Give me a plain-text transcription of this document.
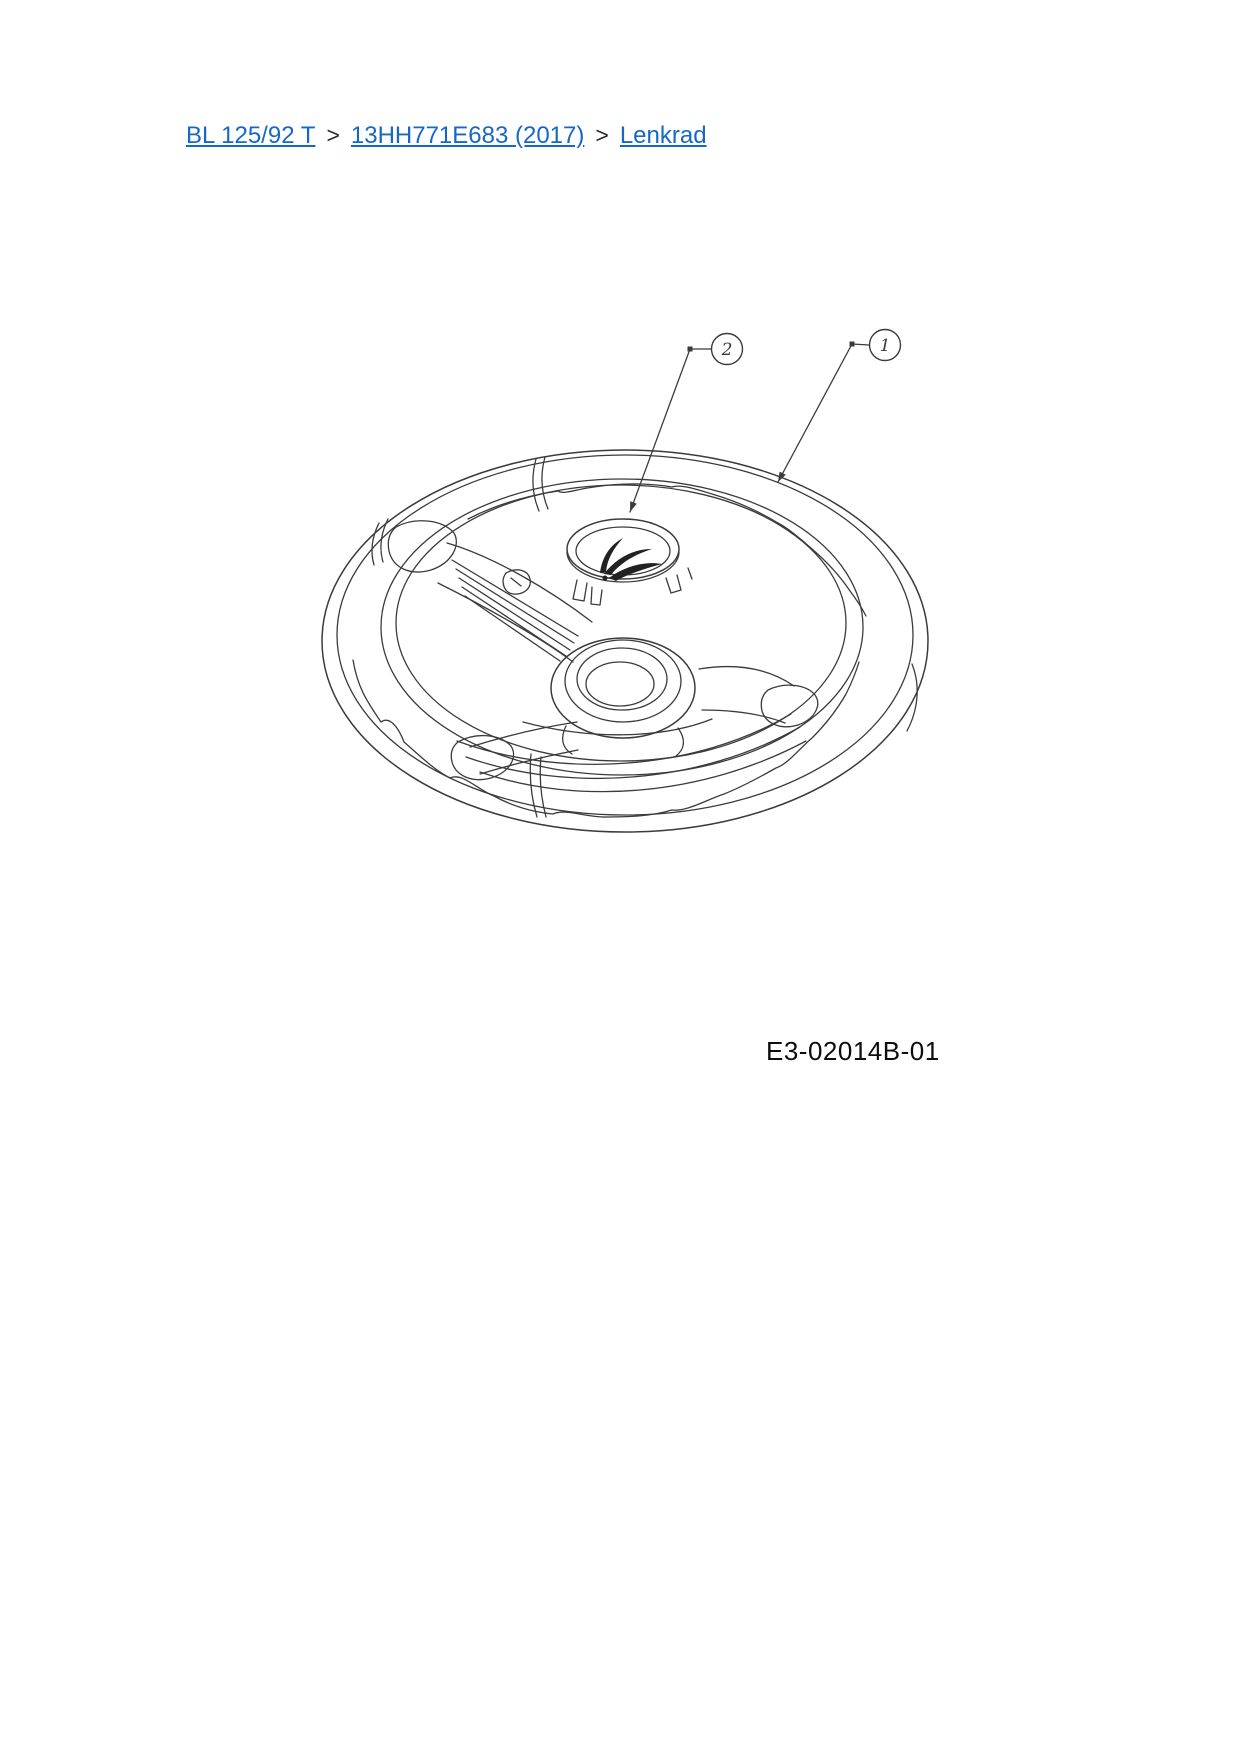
BL 125/92 T > 13HH771E683 (2017) > Lenkrad
2	1
E3-02014B-01
